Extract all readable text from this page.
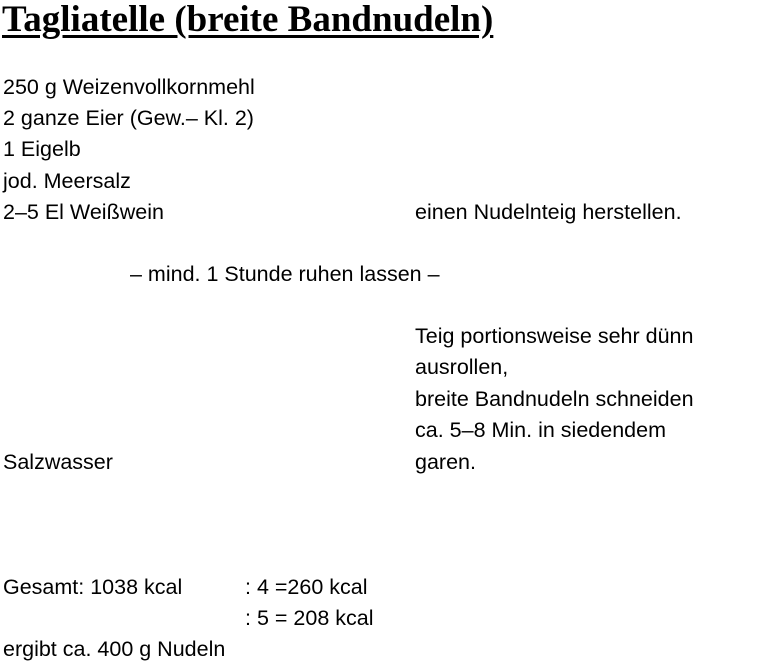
Tagliatelle (breite Bandnudeln)
250 g Weizenvollkornmehl
2 ganze Eier (Gew.– Kl. 2)
1 Eigelb
jod. Meersalz
2–5 El Weißwein	einen Nudelnteig herstellen.
– mind. 1 Stunde ruhen lassen –
Teig portionsweise sehr dünn
ausrollen,
breite Bandnudeln schneiden
ca. 5–8 Min. in siedendem
Salzwasser	garen.
Gesamt: 1038 kcal	: 4 =260 kcal
: 5 = 208 kcal
ergibt ca. 400 g Nudeln
